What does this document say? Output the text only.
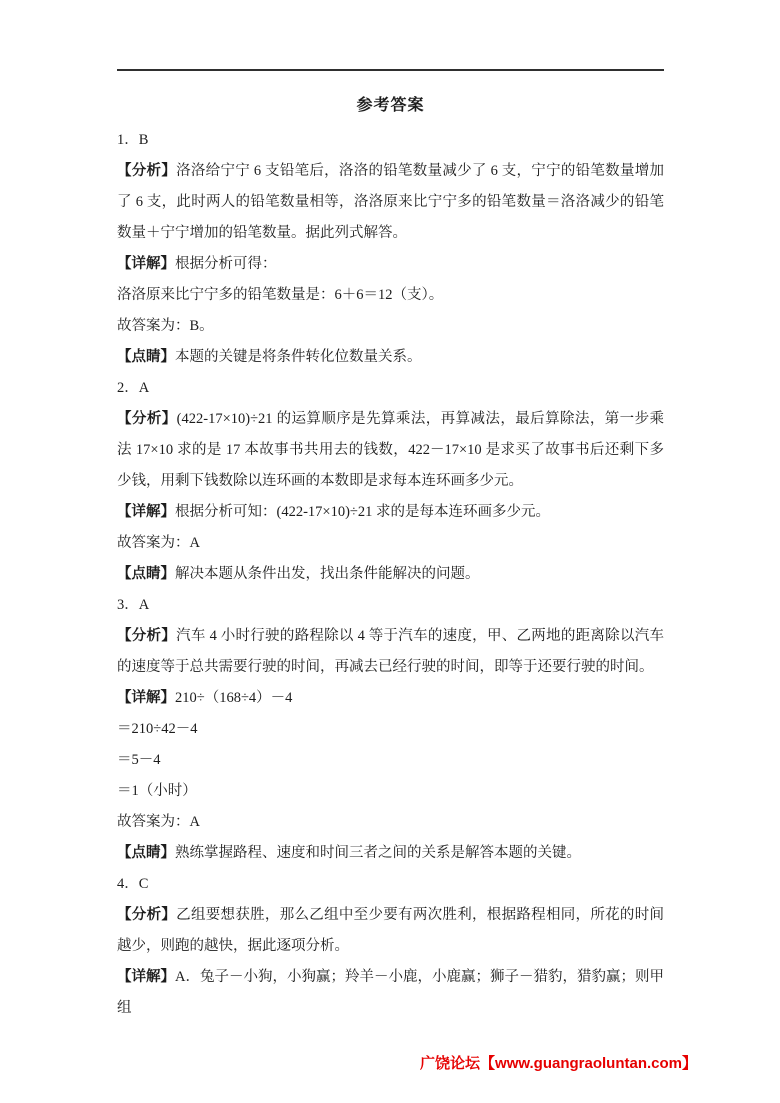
参考答案

1．B

【分析】洛洛给宁宁 6 支铅笔后，洛洛的铅笔数量减少了 6 支，宁宁的铅笔数量增加了 6 支，此时两人的铅笔数量相等，洛洛原来比宁宁多的铅笔数量＝洛洛减少的铅笔数量＋宁宁增加的铅笔数量。据此列式解答。

【详解】根据分析可得：

洛洛原来比宁宁多的铅笔数量是：6＋6＝12（支）。

故答案为：B。

【点睛】本题的关键是将条件转化位数量关系。

2．A

【分析】(422-17×10)÷21 的运算顺序是先算乘法，再算减法，最后算除法，第一步乘法 17×10 求的是 17 本故事书共用去的钱数，422－17×10 是求买了故事书后还剩下多少钱，用剩下钱数除以连环画的本数即是求每本连环画多少元。

【详解】根据分析可知：(422-17×10)÷21 求的是每本连环画多少元。

故答案为：A

【点睛】解决本题从条件出发，找出条件能解决的问题。

3．A

【分析】汽车 4 小时行驶的路程除以 4 等于汽车的速度，甲、乙两地的距离除以汽车的速度等于总共需要行驶的时间，再减去已经行驶的时间，即等于还要行驶的时间。

【详解】210÷（168÷4）－4

＝210÷42－4

＝5－4

＝1（小时）

故答案为：A

【点睛】熟练掌握路程、速度和时间三者之间的关系是解答本题的关键。

4．C

【分析】乙组要想获胜，那么乙组中至少要有两次胜利，根据路程相同，所花的时间越少，则跑的越快，据此逐项分析。

【详解】A．兔子－小狗，小狗赢；羚羊－小鹿，小鹿赢；狮子－猎豹，猎豹赢；则甲组

广饶论坛【www.guangraoluntan.com】
